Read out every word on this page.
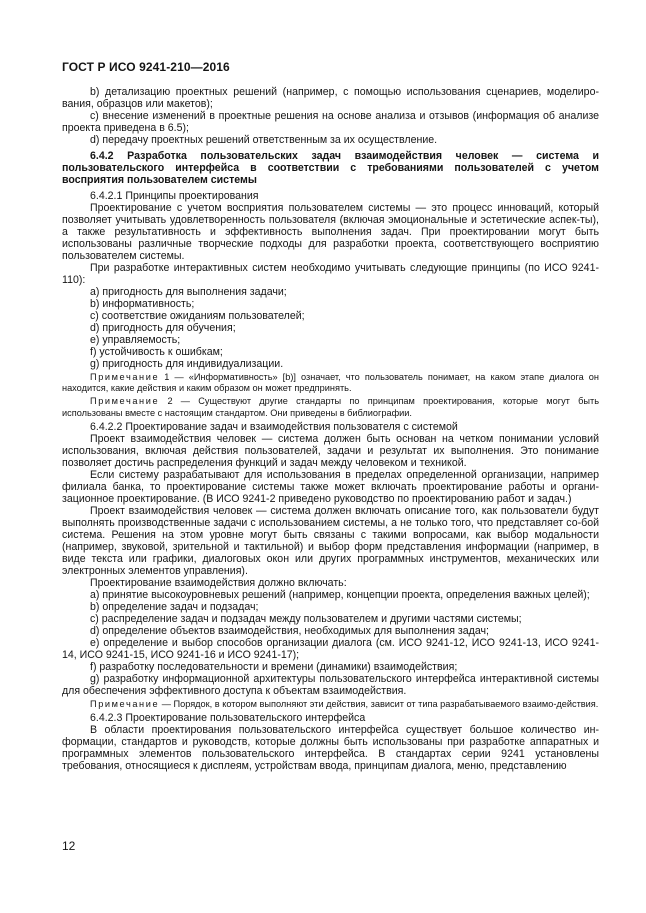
ГОСТ Р ИСО 9241-210—2016

b) детализацию проектных решений (например, с помощью использования сценариев, моделиро-вания, образцов или макетов);

c) внесение изменений в проектные решения на основе анализа и отзывов (информация об анализе проекта приведена в 6.5);

d) передачу проектных решений ответственным за их осуществление.

6.4.2 Разработка пользовательских задач взаимодействия человек — система и пользовательского интерфейса в соответствии с требованиями пользователей с учетом восприятия пользователем системы

6.4.2.1 Принципы проектирования

Проектирование с учетом восприятия пользователем системы — это процесс инноваций, который позволяет учитывать удовлетворенность пользователя (включая эмоциональные и эстетические аспек-ты), а также результативность и эффективность выполнения задач. При проектировании могут быть использованы различные творческие подходы для разработки проекта, соответствующего восприятию пользователем системы.

При разработке интерактивных систем необходимо учитывать следующие принципы (по ИСО 9241-110):

a) пригодность для выполнения задачи;

b) информативность;

c) соответствие ожиданиям пользователей;

d) пригодность для обучения;

e) управляемость;

f) устойчивость к ошибкам;

g) пригодность для индивидуализации.

Примечание 1 — «Информативность» [b)] означает, что пользователь понимает, на каком этапе диалога он находится, какие действия и каким образом он может предпринять.

Примечание 2 — Существуют другие стандарты по принципам проектирования, которые могут быть использованы вместе с настоящим стандартом. Они приведены в библиографии.

6.4.2.2 Проектирование задач и взаимодействия пользователя с системой

Проект взаимодействия человек — система должен быть основан на четком понимании условий использования, включая действия пользователей, задачи и результат их выполнения. Это понимание позволяет достичь распределения функций и задач между человеком и техникой.

Если систему разрабатывают для использования в пределах определенной организации, например филиала банка, то проектирование системы также может включать проектирование работы и органи-зационное проектирование. (В ИСО 9241-2 приведено руководство по проектированию работ и задач.)

Проект взаимодействия человек — система должен включать описание того, как пользователи будут выполнять производственные задачи с использованием системы, а не только того, что представляет со-бой система. Решения на этом уровне могут быть связаны с такими вопросами, как выбор модальности (например, звуковой, зрительной и тактильной) и выбор форм представления информации (например, в виде текста или графики, диалоговых окон или других программных инструментов, механических или электронных элементов управления).

Проектирование взаимодействия должно включать:

a) принятие высокоуровневых решений (например, концепции проекта, определения важных целей);

b) определение задач и подзадач;

c) распределение задач и подзадач между пользователем и другими частями системы;

d) определение объектов взаимодействия, необходимых для выполнения задач;

e) определение и выбор способов организации диалога (см. ИСО 9241-12, ИСО 9241-13, ИСО 9241-14, ИСО 9241-15, ИСО 9241-16 и ИСО 9241-17);

f) разработку последовательности и времени (динамики) взаимодействия;

g) разработку информационной архитектуры пользовательского интерфейса интерактивной системы для обеспечения эффективного доступа к объектам взаимодействия.

Примечание — Порядок, в котором выполняют эти действия, зависит от типа разрабатываемого взаимо-действия.

6.4.2.3 Проектирование пользовательского интерфейса

В области проектирования пользовательского интерфейса существует большое количество ин-формации, стандартов и руководств, которые должны быть использованы при разработке аппаратных и программных элементов пользовательского интерфейса. В стандартах серии 9241 установлены требования, относящиеся к дисплеям, устройствам ввода, принципам диалога, меню, представлению

12
